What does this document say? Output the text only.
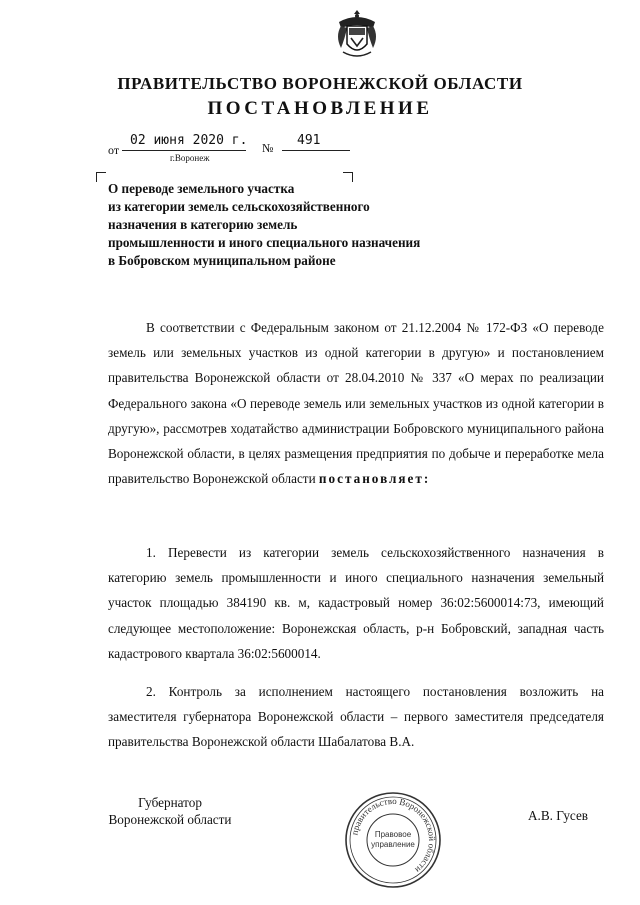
ПРАВИТЕЛЬСТВО ВОРОНЕЖСКОЙ ОБЛАСТИ
ПОСТАНОВЛЕНИЕ
от
02 июня 2020 г. № 491
г.Воронеж
О переводе земельного участка
из категории земель сельскохозяйственного
назначения в категорию земель
промышленности и иного специального назначения
в Бобровском муниципальном районе

В соответствии с Федеральным законом от 21.12.2004 № 172-ФЗ «О переводе земель или земельных участков из одной категории в другую» и постановлением правительства Воронежской области от 28.04.2010 № 337 «О мерах по реализации Федерального закона «О переводе земель или земельных участков из одной категории в другую», рассмотрев ходатайство администрации Бобровского муниципального района Воронежской области, в целях размещения предприятия по добыче и переработке мела правительство Воронежской области постановляет:

1. Перевести из категории земель сельскохозяйственного назначения в категорию земель промышленности и иного специального назначения земельный участок площадью 384190 кв. м, кадастровый номер 36:02:5600014:73, имеющий следующее местоположение: Воронежская область, р-н Бобровский, западная часть кадастрового квартала 36:02:5600014.

2. Контроль за исполнением настоящего постановления возложить на заместителя губернатора Воронежской области – первого заместителя председателя правительства Воронежской области Шабалатова В.А.

Губернатор
Воронежской области	А.В. Гусев
правительство Воронежской области
Правовое
управление
